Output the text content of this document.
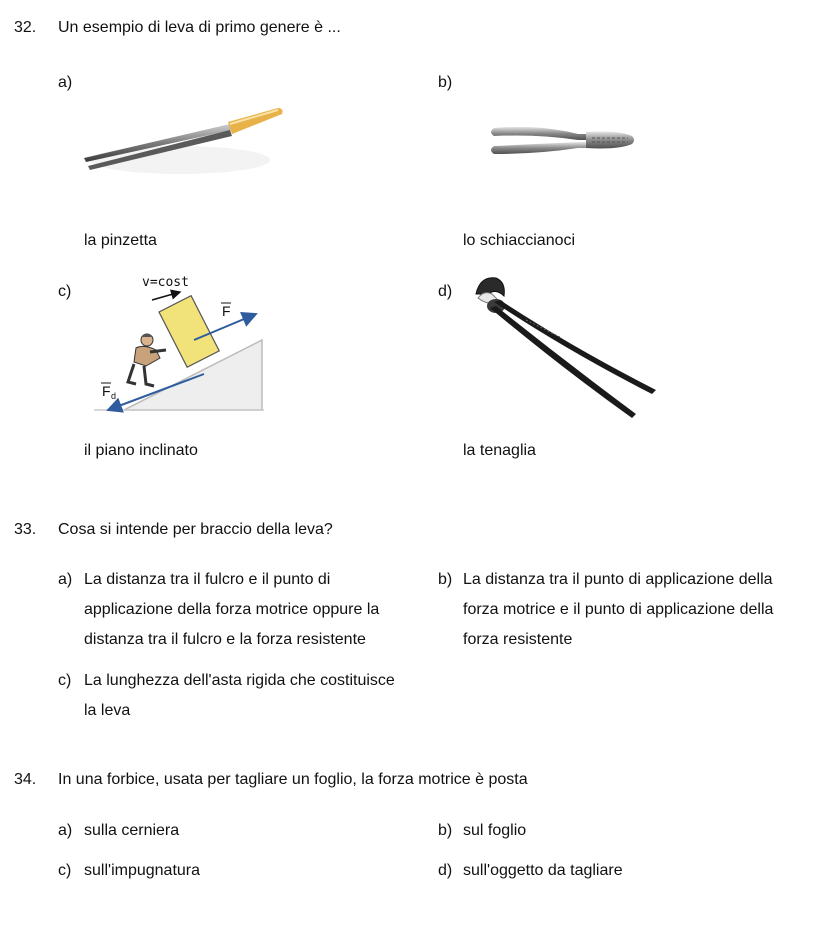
32. Un esempio di leva di primo genere è ...
a)
la pinzetta
b)
lo schiaccianoci
c)
v=cost
F
F d
il piano inclinato
d)
la tenaglia
33. Cosa si intende per braccio della leva?
a) La distanza tra il fulcro e il punto di
applicazione della forza motrice oppure la
distanza tra il fulcro e la forza resistente
b) La distanza tra il punto di applicazione della
forza motrice e il punto di applicazione della
forza resistente
c) La lunghezza dell'asta rigida che costituisce
la leva
34. In una forbice, usata per tagliare un foglio, la forza motrice è posta
a) sulla cerniera	b) sul foglio
c) sull'impugnatura	d) sull'oggetto da tagliare
